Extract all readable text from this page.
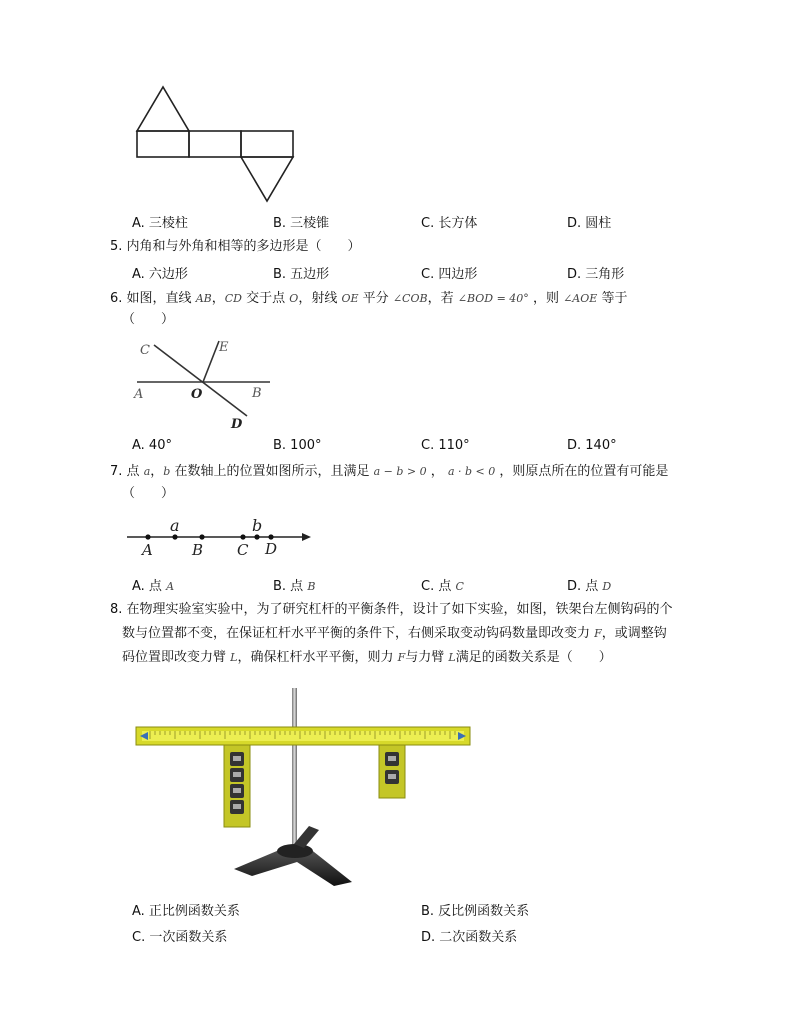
A. 三棱柱	B. 三棱锥	C. 长方体	D. 圆柱
5. 内角和与外角和相等的多边形是（　　）
A. 六边形	B. 五边形	C. 四边形	D. 三角形
6. 如图，直线 AB，CD 交于点 O，射线 OE 平分 ∠COB，若 ∠BOD = 40° ，则 ∠AOE 等于
（　　）
C	E
A	O	B
D
A. 40°	B. 100°	C. 110°	D. 140°
7. 点 a，b 在数轴上的位置如图所示，且满足 a − b > 0 ， a · b < 0 ，则原点所在的位置有可能是
（　　）
a	b
A	B C D
A. 点 A	B. 点 B	C. 点 C	D. 点 D
8. 在物理实验室实验中，为了研究杠杆的平衡条件，设计了如下实验，如图，铁架台左侧钩码的个
数与位置都不变，在保证杠杆水平平衡的条件下，右侧采取变动钩码数量即改变力 F，或调整钩
码位置即改变力臂 L，确保杠杆水平平衡，则力 F与力臂 L满足的函数关系是（　　）
A. 正比例函数关系	B. 反比例函数关系
C. 一次函数关系	D. 二次函数关系
